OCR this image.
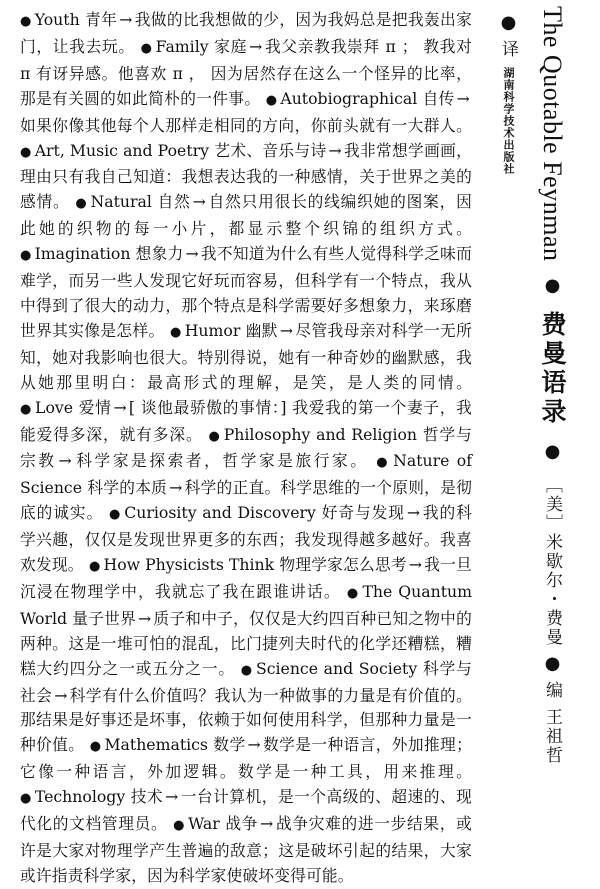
● Youth 青年 → 我做的比我想做的少，因为我妈总是把我轰出家门，让我去玩。 ● Family 家庭 → 我父亲教我崇拜 π ； 教我对 π 有讶异感。他喜欢 π ， 因为居然存在这么一个怪异的比率，那是有关圆的如此简朴的一件事。 ● Autobiographical 自传 →如果你像其他每个人那样走相同的方向，你前头就有一大群人。 ● Art, Music and Poetry 艺术、音乐与诗 → 我非常想学画画，理由只有我自己知道：我想表达我的一种感情，关于世界之美的感情。 ● Natural 自然 → 自然只用很长的线编织她的图案，因此她的织物的每一小片，都显示整个织锦的组织方式。 ● Imagination 想象力 → 我不知道为什么有些人觉得科学乏味而难学，而另一些人发现它好玩而容易，但科学有一个特点，我从中得到了很大的动力，那个特点是科学需要好多想象力，来琢磨世界其实像是怎样。 ● Humor 幽默 → 尽管我母亲对科学一无所知，她对我影响也很大。特别得说，她有一种奇妙的幽默感，我从她那里明白：最高形式的理解，是笑，是人类的同情。 ● Love 爱情 → [ 谈他最骄傲的事情：] 我爱我的第一个妻子，我能爱得多深，就有多深。 ● Philosophy and Religion 哲学与宗教 → 科学家是探索者，哲学家是旅行家。 ● Nature of Science 科学的本质 → 科学的正直。科学思维的一个原则，是彻底的诚实。 ● Curiosity and Discovery 好奇与发现 → 我的科学兴趣，仅仅是发现世界更多的东西；我发现得越多越好。我喜欢发现。 ● How Physicists Think 物理学家怎么思考 → 我一旦沉浸在物理学中，我就忘了我在跟谁讲话。 ● The Quantum World 量子世界 → 质子和中子，仅仅是大约四百种已知之物中的两种。这是一堆可怕的混乱，比门捷列夫时代的化学还糟糕，糟糕大约四分之一或五分之一。 ● Science and Society 科学与社会 → 科学有什么价值吗？我认为一种做事的力量是有价值的。那结果是好事还是坏事，依赖于如何使用科学，但那种力量是一种价值。 ● Mathematics 数学 → 数学是一种语言，外加推理；它像一种语言，外加逻辑。数学是一种工具，用来推理。 ● Technology 技术 → 一台计算机，是一个高级的、超速的、现代化的文档管理员。 ● War 战争 → 战争灾难的进一步结果，或许是大家对物理学产生普遍的敌意；这是破坏引起的结果，大家或许指责科学家，因为科学家使破坏变得可能。
The Quotable Feynman ● 费曼语录 ● ［美］米歇尔・费曼●编 王祖哲●译 湖南科学技术出版社
